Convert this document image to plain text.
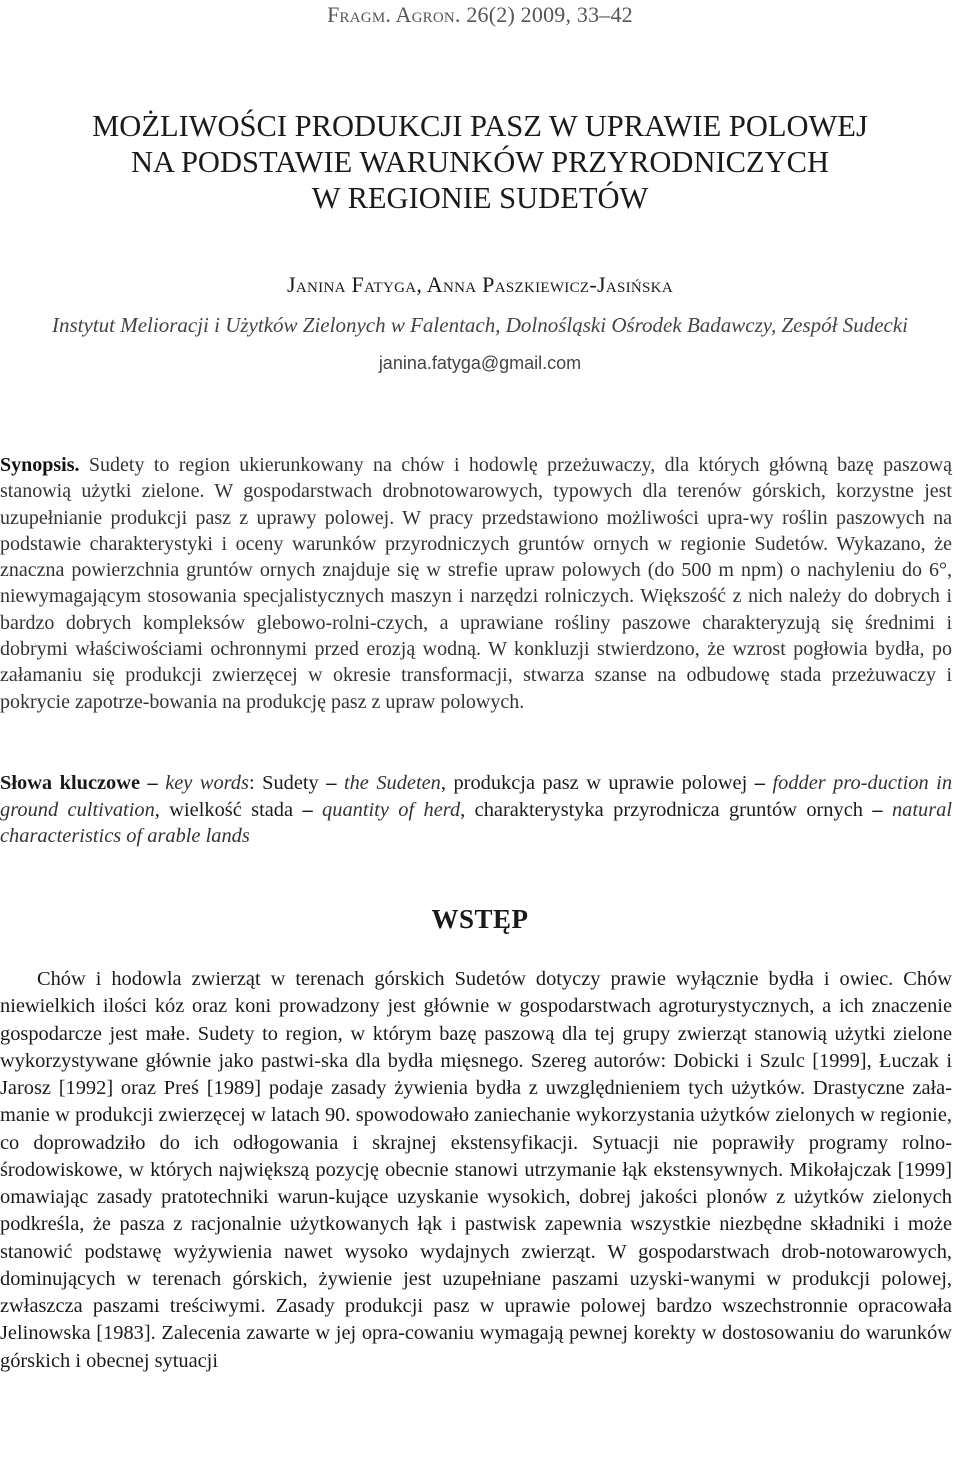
Fragm. Agron. 26(2) 2009, 33–42
MOŻLIWOŚCI PRODUKCJI PASZ W UPRAWIE POLOWEJ
NA PODSTAWIE WARUNKÓW PRZYRODNICZYCH
W REGIONIE SUDETÓW
Janina Fatyga, Anna Paszkiewicz-Jasińska
Instytut Melioracji i Użytków Zielonych w Falentach, Dolnośląski Ośrodek Badawczy, Zespół Sudecki
janina.fatyga@gmail.com
Synopsis. Sudety to region ukierunkowany na chów i hodowlę przeżuwaczy, dla których główną bazę paszową stanowią użytki zielone. W gospodarstwach drobnotowarowych, typowych dla terenów górskich, korzystne jest uzupełnianie produkcji pasz z uprawy polowej. W pracy przedstawiono możliwości upra-wy roślin paszowych na podstawie charakterystyki i oceny warunków przyrodniczych gruntów ornych w regionie Sudetów. Wykazano, że znaczna powierzchnia gruntów ornych znajduje się w strefie upraw polowych (do 500 m npm) o nachyleniu do 6°, niewymagającym stosowania specjalistycznych maszyn i narzędzi rolniczych. Większość z nich należy do dobrych i bardzo dobrych kompleksów glebowo-rolni-czych, a uprawiane rośliny paszowe charakteryzują się średnimi i dobrymi właściwościami ochronnymi przed erozją wodną. W konkluzji stwierdzono, że wzrost pogłowia bydła, po załamaniu się produkcji zwierzęcej w okresie transformacji, stwarza szanse na odbudowę stada przeżuwaczy i pokrycie zapotrze-bowania na produkcję pasz z upraw polowych.
Słowa kluczowe – key words: Sudety – the Sudeten, produkcja pasz w uprawie polowej – fodder pro-duction in ground cultivation, wielkość stada – quantity of herd, charakterystyka przyrodnicza gruntów ornych – natural characteristics of arable lands
WSTĘP
Chów i hodowla zwierząt w terenach górskich Sudetów dotyczy prawie wyłącznie bydła i owiec. Chów niewielkich ilości kóz oraz koni prowadzony jest głównie w gospodarstwach agroturystycznych, a ich znaczenie gospodarcze jest małe. Sudety to region, w którym bazę paszową dla tej grupy zwierząt stanowią użytki zielone wykorzystywane głównie jako pastwi-ska dla bydła mięsnego. Szereg autorów: Dobicki i Szulc [1999], Łuczak i Jarosz [1992] oraz Preś [1989] podaje zasady żywienia bydła z uwzględnieniem tych użytków. Drastyczne zała-manie w produkcji zwierzęcej w latach 90. spowodowało zaniechanie wykorzystania użytków zielonych w regionie, co doprowadziło do ich odłogowania i skrajnej ekstensyfikacji. Sytuacji nie poprawiły programy rolno-środowiskowe, w których największą pozycję obecnie stanowi utrzymanie łąk ekstensywnych. Mikołajczak [1999] omawiając zasady pratotechniki warun-kujące uzyskanie wysokich, dobrej jakości plonów z użytków zielonych podkreśla, że pasza z racjonalnie użytkowanych łąk i pastwisk zapewnia wszystkie niezbędne składniki i może stanowić podstawę wyżywienia nawet wysoko wydajnych zwierząt. W gospodarstwach drob-notowarowych, dominujących w terenach górskich, żywienie jest uzupełniane paszami uzyski-wanymi w produkcji polowej, zwłaszcza paszami treściwymi. Zasady produkcji pasz w uprawie polowej bardzo wszechstronnie opracowała Jelinowska [1983]. Zalecenia zawarte w jej opra-cowaniu wymagają pewnej korekty w dostosowaniu do warunków górskich i obecnej sytuacji
